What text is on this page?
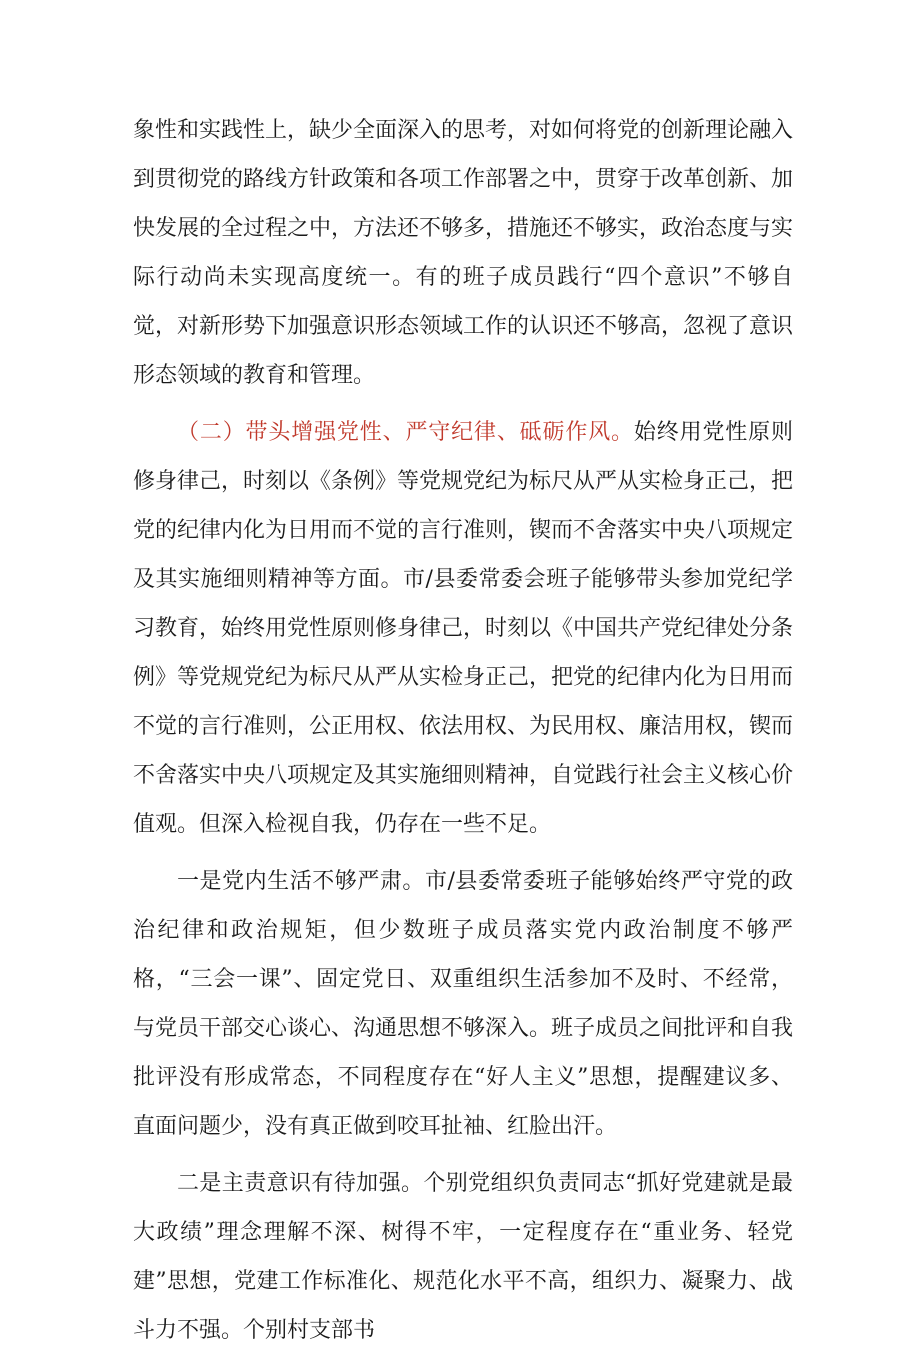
象性和实践性上，缺少全面深入的思考，对如何将党的创新理论融入到贯彻党的路线方针政策和各项工作部署之中，贯穿于改革创新、加快发展的全过程之中，方法还不够多，措施还不够实，政治态度与实际行动尚未实现高度统一。有的班子成员践行“四个意识”不够自觉，对新形势下加强意识形态领域工作的认识还不够高，忽视了意识形态领域的教育和管理。

（二）带头增强党性、严守纪律、砥砺作风。始终用党性原则修身律己，时刻以《条例》等党规党纪为标尺从严从实检身正己，把党的纪律内化为日用而不觉的言行准则，锲而不舍落实中央八项规定及其实施细则精神等方面。市/县委常委会班子能够带头参加党纪学习教育，始终用党性原则修身律己，时刻以《中国共产党纪律处分条例》等党规党纪为标尺从严从实检身正己，把党的纪律内化为日用而不觉的言行准则，公正用权、依法用权、为民用权、廉洁用权，锲而不舍落实中央八项规定及其实施细则精神，自觉践行社会主义核心价值观。但深入检视自我，仍存在一些不足。

一是党内生活不够严肃。市/县委常委班子能够始终严守党的政治纪律和政治规矩，但少数班子成员落实党内政治制度不够严格，“三会一课”、固定党日、双重组织生活参加不及时、不经常，与党员干部交心谈心、沟通思想不够深入。班子成员之间批评和自我批评没有形成常态，不同程度存在“好人主义”思想，提醒建议多、直面问题少，没有真正做到咬耳扯袖、红脸出汗。

二是主责意识有待加强。个别党组织负责同志“抓好党建就是最大政绩”理念理解不深、树得不牢，一定程度存在“重业务、轻党建”思想，党建工作标准化、规范化水平不高，组织力、凝聚力、战斗力不强。个别村支部书
